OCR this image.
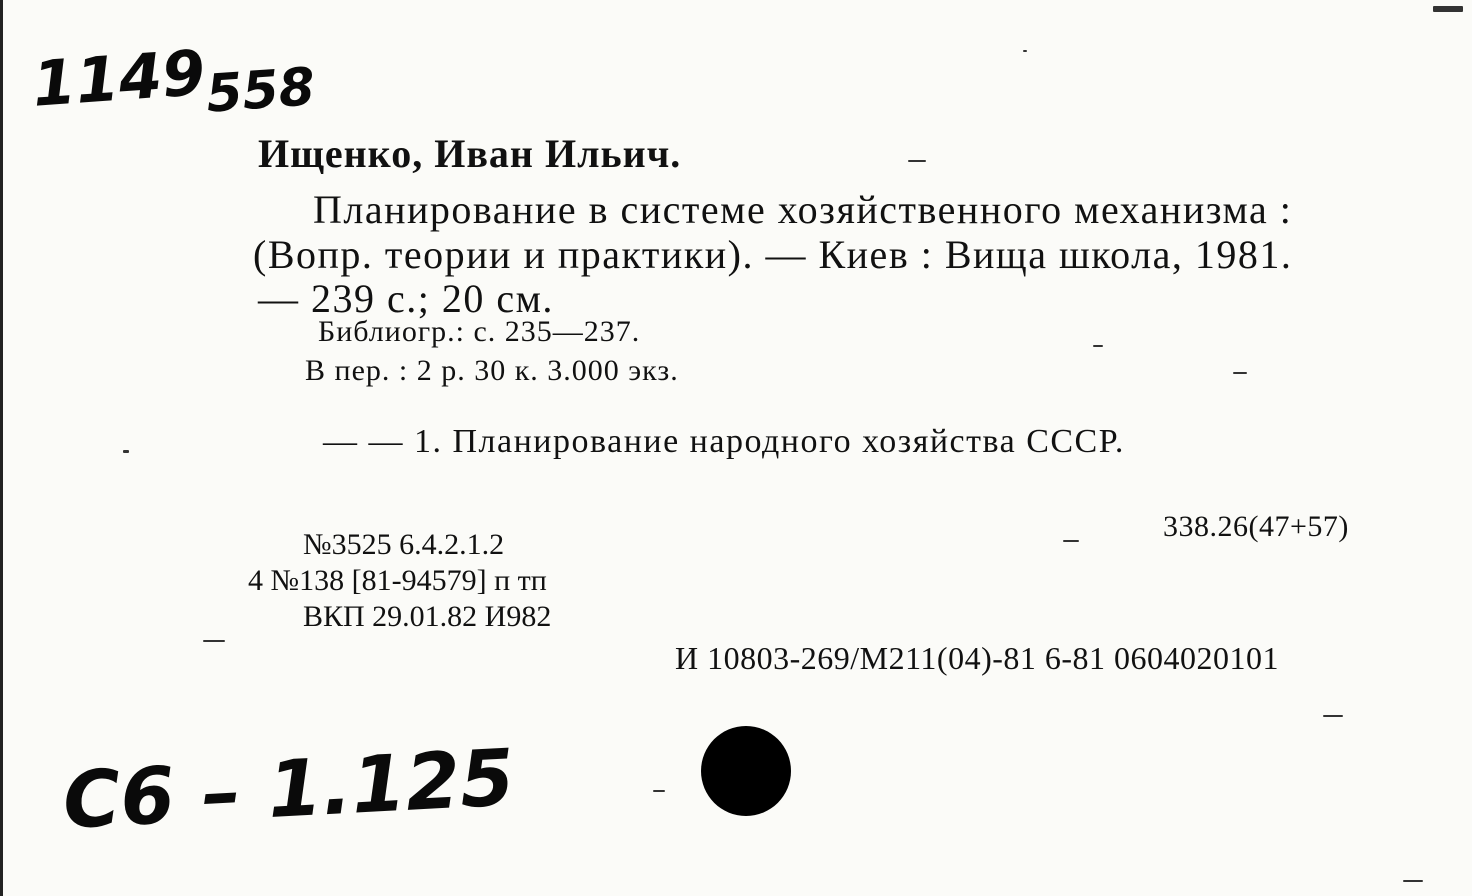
$1149_{558}$
Ищенко, Иван Ильич.
Планирование в системе хозяйственного механизма :
(Вопр. теории и практики). — Киев : Вища школа, 1981.
— 239 с.; 20 см.
Библиогр.: с. 235—237.
В пер. : 2 р. 30 к. 3.000 экз.
— — 1. Планирование народного хозяйства СССР.
338.26(47+57)
№3525 6.4.2.1.2
4 №138 [81-94579] п тп
ВКП 29.01.82 И982
И 10803-269/М211(04)-81 6-81 0604020101
C6 – 1.125
